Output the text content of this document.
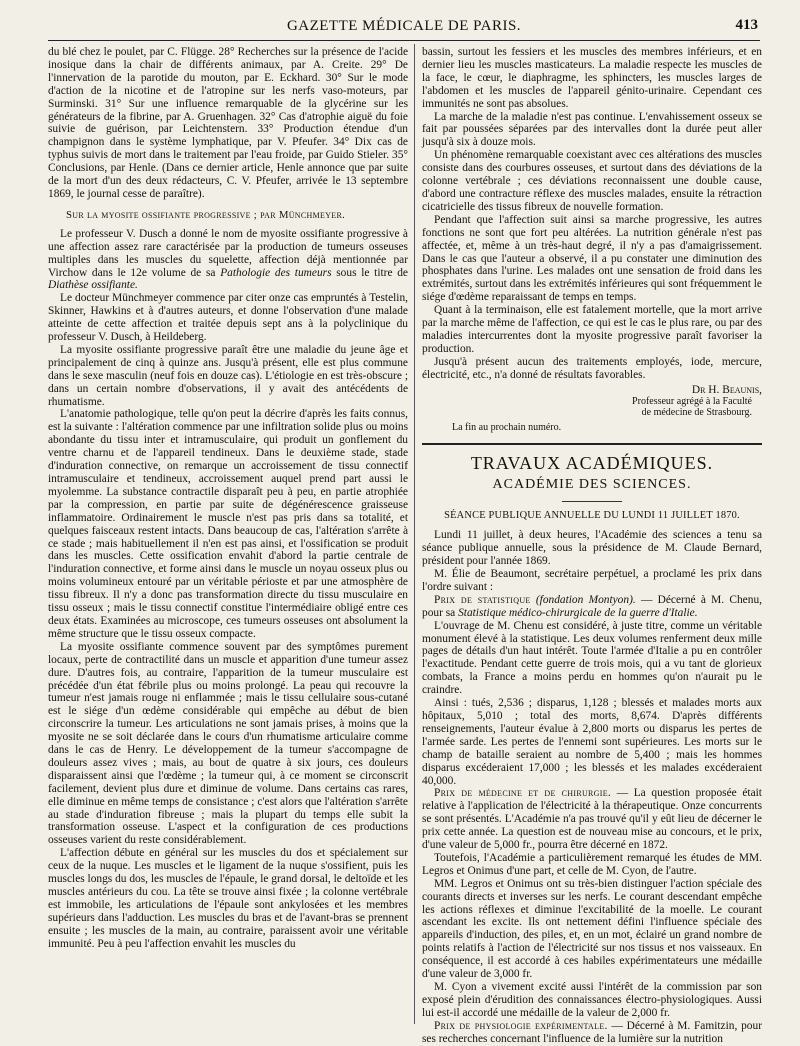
GAZETTE MÉDICALE DE PARIS.	413

du blé chez le poulet, par C. Flügge. 28° Recherches sur la présence de l'acide inosique dans la chair de différents animaux, par A. Creite. 29° De l'innervation de la parotide du mouton, par E. Eckhard. 30° Sur le mode d'action de la nicotine et de l'atropine sur les nerfs vaso-moteurs, par Surminski. 31° Sur une influence remarquable de la glycérine sur les générateurs de la fibrine, par A. Gruenhagen. 32° Cas d'atrophie aiguë du foie suivie de guérison, par Leichtenstern. 33° Production étendue d'un champignon dans le système lymphatique, par V. Pfeufer. 34° Dix cas de typhus suivis de mort dans le traitement par l'eau froide, par Guido Stieler. 35° Conclusions, par Henle. (Dans ce dernier article, Henle annonce que par suite de la mort d'un des deux rédacteurs, C. V. Pfeufer, arrivée le 13 septembre 1869, le journal cesse de paraître).

Sur la myosite ossifiante progressive ; par Münchmeyer.

Le professeur V. Dusch a donné le nom de myosite ossifiante progressive à une affection assez rare caractérisée par la production de tumeurs osseuses multiples dans les muscles du squelette, affection déjà mentionnée par Virchow dans le 12e volume de sa Pathologie des tumeurs sous le titre de Diathèse ossifiante.

Le docteur Münchmeyer commence par citer onze cas empruntés à Testelin, Skinner, Hawkins et à d'autres auteurs, et donne l'observation d'une malade atteinte de cette affection et traitée depuis sept ans à la polyclinique du professeur V. Dusch, à Heildeberg.

La myosite ossifiante progressive paraît être une maladie du jeune âge et principalement de cinq à quinze ans. Jusqu'à présent, elle est plus commune dans le sexe masculin (neuf fois en douze cas). L'étiologie en est très-obscure ; dans un certain nombre d'observations, il y avait des antécédents de rhumatisme.

L'anatomie pathologique, telle qu'on peut la décrire d'après les faits connus, est la suivante : l'altération commence par une infiltration solide plus ou moins abondante du tissu inter et intramusculaire, qui produit un gonflement du ventre charnu et de l'appareil tendineux. Dans le deuxième stade, stade d'induration connective, on remarque un accroissement de tissu connectif intramusculaire et tendineux, accroissement auquel prend part aussi le myolemme. La substance contractile disparaît peu à peu, en partie atrophiée par la compression, en partie par suite de dégénérescence graisseuse inflammatoire. Ordinairement le muscle n'est pas pris dans sa totalité, et quelques faisceaux restent intacts. Dans beaucoup de cas, l'altération s'arrête à ce stade ; mais habituellement il n'en est pas ainsi, et l'ossification se produit dans les muscles. Cette ossification envahit d'abord la partie centrale de l'induration connective, et forme ainsi dans le muscle un noyau osseux plus ou moins volumineux entouré par un véritable périoste et par une atmosphère de tissu fibreux. Il n'y a donc pas transformation directe du tissu musculaire en tissu osseux ; mais le tissu connectif constitue l'intermédiaire obligé entre ces deux états. Examinées au microscope, ces tumeurs osseuses ont absolument la même structure que le tissu osseux compacte.

La myosite ossifiante commence souvent par des symptômes purement locaux, perte de contractilité dans un muscle et apparition d'une tumeur assez dure. D'autres fois, au contraire, l'apparition de la tumeur musculaire est précédée d'un état fébrile plus ou moins prolongé. La peau qui recouvre la tumeur n'est jamais rouge ni enflammée ; mais le tissu cellulaire sous-cutané est le siége d'un œdème considérable qui empêche au début de bien circonscrire la tumeur. Les articulations ne sont jamais prises, à moins que la myosite ne se soit déclarée dans le cours d'un rhumatisme articulaire comme dans le cas de Henry. Le développement de la tumeur s'accompagne de douleurs assez vives ; mais, au bout de quatre à six jours, ces douleurs disparaissent ainsi que l'œdème ; la tumeur qui, à ce moment se circonscrit facilement, devient plus dure et diminue de volume. Dans certains cas rares, elle diminue en même temps de consistance ; c'est alors que l'altération s'arrête au stade d'induration fibreuse ; mais la plupart du temps elle subit la transformation osseuse. L'aspect et la configuration de ces productions osseuses varient du reste considérablement.

L'affection débute en général sur les muscles du dos et spécialement sur ceux de la nuque. Les muscles et le ligament de la nuque s'ossifient, puis les muscles longs du dos, les muscles de l'épaule, le grand dorsal, le deltoïde et les muscles antérieurs du cou. La tête se trouve ainsi fixée ; la colonne vertébrale est immobile, les articulations de l'épaule sont ankylosées et les membres supérieurs dans l'adduction. Les muscles du bras et de l'avant-bras se prennent ensuite ; les muscles de la main, au contraire, paraissent avoir une véritable immunité. Peu à peu l'affection envahit les muscles du

bassin, surtout les fessiers et les muscles des membres inférieurs, et en dernier lieu les muscles masticateurs. La maladie respecte les muscles de la face, le cœur, le diaphragme, les sphincters, les muscles larges de l'abdomen et les muscles de l'appareil génito-urinaire. Cependant ces immunités ne sont pas absolues.

La marche de la maladie n'est pas continue. L'envahissement osseux se fait par poussées séparées par des intervalles dont la durée peut aller jusqu'à six à douze mois.

Un phénomène remarquable coexistant avec ces altérations des muscles consiste dans des courbures osseuses, et surtout dans des déviations de la colonne vertébrale ; ces déviations reconnaissent une double cause, d'abord une contracture réflexe des muscles malades, ensuite la rétraction cicatricielle des tissus fibreux de nouvelle formation.

Pendant que l'affection suit ainsi sa marche progressive, les autres fonctions ne sont que fort peu altérées. La nutrition générale n'est pas affectée, et, même à un très-haut degré, il n'y a pas d'amaigrissement. Dans le cas que l'auteur a observé, il a pu constater une diminution des phosphates dans l'urine. Les malades ont une sensation de froid dans les extrémités, surtout dans les extrémités inférieures qui sont fréquemment le siége d'œdème reparaissant de temps en temps.

Quant à la terminaison, elle est fatalement mortelle, que la mort arrive par la marche même de l'affection, ce qui est le cas le plus rare, ou par des maladies intercurrentes dont la myosite progressive paraît favoriser la production.

Jusqu'à présent aucun des traitements employés, iode, mercure, électricité, etc., n'a donné de résultats favorables.

Dr H. Beaunis,
Professeur agrégé à la Faculté
de médecine de Strasbourg.

La fin au prochain numéro.

TRAVAUX ACADÉMIQUES.

ACADÉMIE DES SCIENCES.

SÉANCE PUBLIQUE ANNUELLE DU LUNDI 11 JUILLET 1870.

Lundi 11 juillet, à deux heures, l'Académie des sciences a tenu sa séance publique annuelle, sous la présidence de M. Claude Bernard, président pour l'année 1869.

M. Élie de Beaumont, secrétaire perpétuel, a proclamé les prix dans l'ordre suivant :

Prix de statistique (fondation Montyon). — Décerné à M. Chenu, pour sa Statistique médico-chirurgicale de la guerre d'Italie.

L'ouvrage de M. Chenu est considéré, à juste titre, comme un véritable monument élevé à la statistique. Les deux volumes renferment deux mille pages de détails d'un haut intérêt. Toute l'armée d'Italie a pu en contrôler l'exactitude. Pendant cette guerre de trois mois, qui a vu tant de glorieux combats, la France a moins perdu en hommes qu'on n'aurait pu le craindre.

Ainsi : tués, 2,536 ; disparus, 1,128 ; blessés et malades morts aux hôpitaux, 5,010 ; total des morts, 8,674. D'après différents renseignements, l'auteur évalue à 2,800 morts ou disparus les pertes de l'armée sarde. Les pertes de l'ennemi sont supérieures. Les morts sur le champ de bataille seraient au nombre de 5,400 ; mais les hommes disparus excéderaient 17,000 ; les blessés et les malades excéderaient 40,000.

Prix de médecine et de chirurgie. — La question proposée était relative à l'application de l'électricité à la thérapeutique. Onze concurrents se sont présentés. L'Académie n'a pas trouvé qu'il y eût lieu de décerner le prix cette année. La question est de nouveau mise au concours, et le prix, d'une valeur de 5,000 fr., pourra être décerné en 1872.

Toutefois, l'Académie a particulièrement remarqué les études de MM. Legros et Onimus d'une part, et celle de M. Cyon, de l'autre.

MM. Legros et Onimus ont su très-bien distinguer l'action spéciale des courants directs et inverses sur les nerfs. Le courant descendant empêche les actions réflexes et diminue l'excitabilité de la moelle. Le courant ascendant les excite. Ils ont nettement défini l'influence spéciale des appareils d'induction, des piles, et, en un mot, éclairé un grand nombre de points relatifs à l'action de l'électricité sur nos tissus et nos vaisseaux. En conséquence, il est accordé à ces habiles expérimentateurs une médaille d'une valeur de 3,000 fr.

M. Cyon a vivement excité aussi l'intérêt de la commission par son exposé plein d'érudition des connaissances électro-physiologiques. Aussi lui est-il accordé une médaille de la valeur de 2,000 fr.

Prix de physiologie expérimentale. — Décerné à M. Famitzin, pour ses recherches concernant l'influence de la lumière sur la nutrition
